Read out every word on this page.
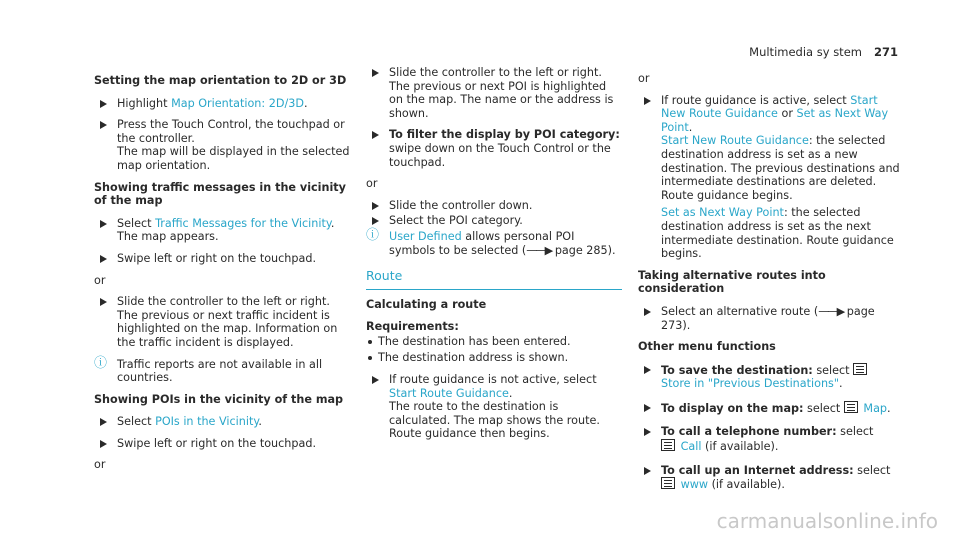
Multimedia sy stem 271
Setting the map orientation to 2D or 3D
Highlight Map Orientation: 2D/3D.
Press the Touch Control, the touchpad or the controller.
The map will be displayed in the selected map orientation.
Showing traffic messages in the vicinity of the map
Select Traffic Messages for the Vicinity.
The map appears.
Swipe left or right on the touchpad.
or
Slide the controller to the left or right.
The previous or next traffic incident is highlighted on the map. Information on the traffic incident is displayed.
ⓘ Traffic reports are not available in all countries.
Showing POIs in the vicinity of the map
Select POIs in the Vicinity.
Swipe left or right on the touchpad.
or
Slide the controller to the left or right.
The previous or next POI is highlighted on the map. The name or the address is shown.
To filter the display by POI category:
swipe down on the Touch Control or the touchpad.
or
Slide the controller down.
Select the POI category.
ⓘ User Defined allows personal POI symbols to be selected (——▶ page 285).
Route
Calculating a route
Requirements:
The destination has been entered.
The destination address is shown.
If route guidance is not active, select Start Route Guidance.
The route to the destination is calculated. The map shows the route. Route guidance then begins.
or
If route guidance is active, select Start New Route Guidance or Set as Next Way Point.
Start New Route Guidance: the selected destination address is set as a new destination. The previous destinations and intermediate destinations are deleted. Route guidance begins.
Set as Next Way Point: the selected destination address is set as the next intermediate destination. Route guidance begins.
Taking alternative routes into consideration
Select an alternative route (——▶ page 273).
Other menu functions
To save the destination: select  Store in "Previous Destinations".
To display on the map: select  Map.
To call a telephone number: select
Call (if available).
To call up an Internet address: select
www (if available).
carmanualsonline.info
